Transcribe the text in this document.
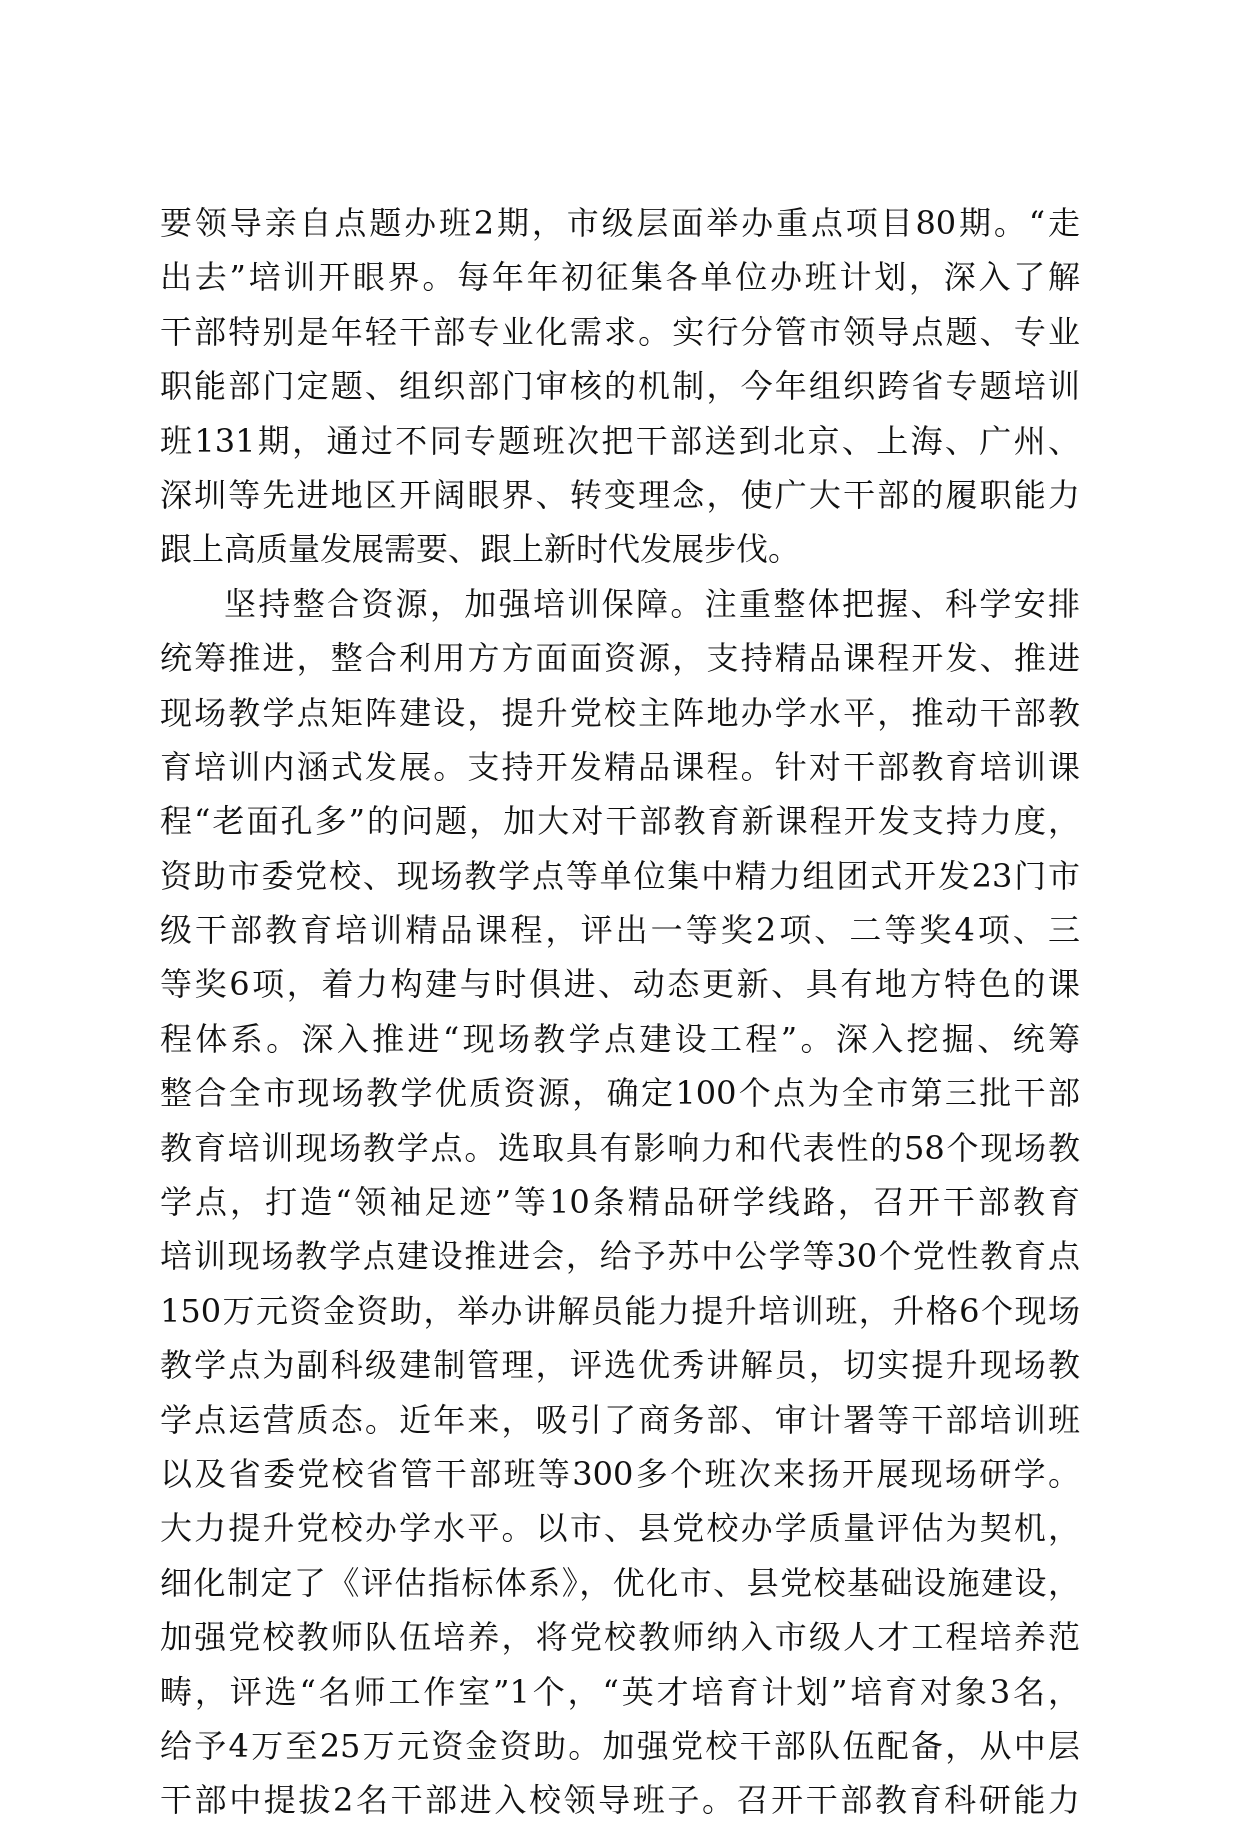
要领导亲自点题办班2期，市级层面举办重点项目80期。“走
出去”培训开眼界。每年年初征集各单位办班计划，深入了解
干部特别是年轻干部专业化需求。实行分管市领导点题、专业
职能部门定题、组织部门审核的机制，今年组织跨省专题培训
班131期，通过不同专题班次把干部送到北京、上海、广州、
深圳等先进地区开阔眼界、转变理念，使广大干部的履职能力
跟上高质量发展需要、跟上新时代发展步伐。
坚持整合资源，加强培训保障。注重整体把握、科学安排
统筹推进，整合利用方方面面资源，支持精品课程开发、推进
现场教学点矩阵建设，提升党校主阵地办学水平，推动干部教
育培训内涵式发展。支持开发精品课程。针对干部教育培训课
程“老面孔多”的问题，加大对干部教育新课程开发支持力度，
资助市委党校、现场教学点等单位集中精力组团式开发23门市
级干部教育培训精品课程，评出一等奖2项、二等奖4项、三
等奖6项，着力构建与时俱进、动态更新、具有地方特色的课
程体系。深入推进“现场教学点建设工程”。深入挖掘、统筹
整合全市现场教学优质资源，确定100个点为全市第三批干部
教育培训现场教学点。选取具有影响力和代表性的58个现场教
学点，打造“领袖足迹”等10条精品研学线路，召开干部教育
培训现场教学点建设推进会，给予苏中公学等30个党性教育点
150万元资金资助，举办讲解员能力提升培训班，升格6个现场
教学点为副科级建制管理，评选优秀讲解员，切实提升现场教
学点运营质态。近年来，吸引了商务部、审计署等干部培训班
以及省委党校省管干部班等300多个班次来扬开展现场研学。
大力提升党校办学水平。以市、县党校办学质量评估为契机，
细化制定了《评估指标体系》，优化市、县党校基础设施建设，
加强党校教师队伍培养，将党校教师纳入市级人才工程培养范
畴，评选“名师工作室”1个，“英才培育计划”培育对象3名，
给予4万至25万元资金资助。加强党校干部队伍配备，从中层
干部中提拔2名干部进入校领导班子。召开干部教育科研能力
